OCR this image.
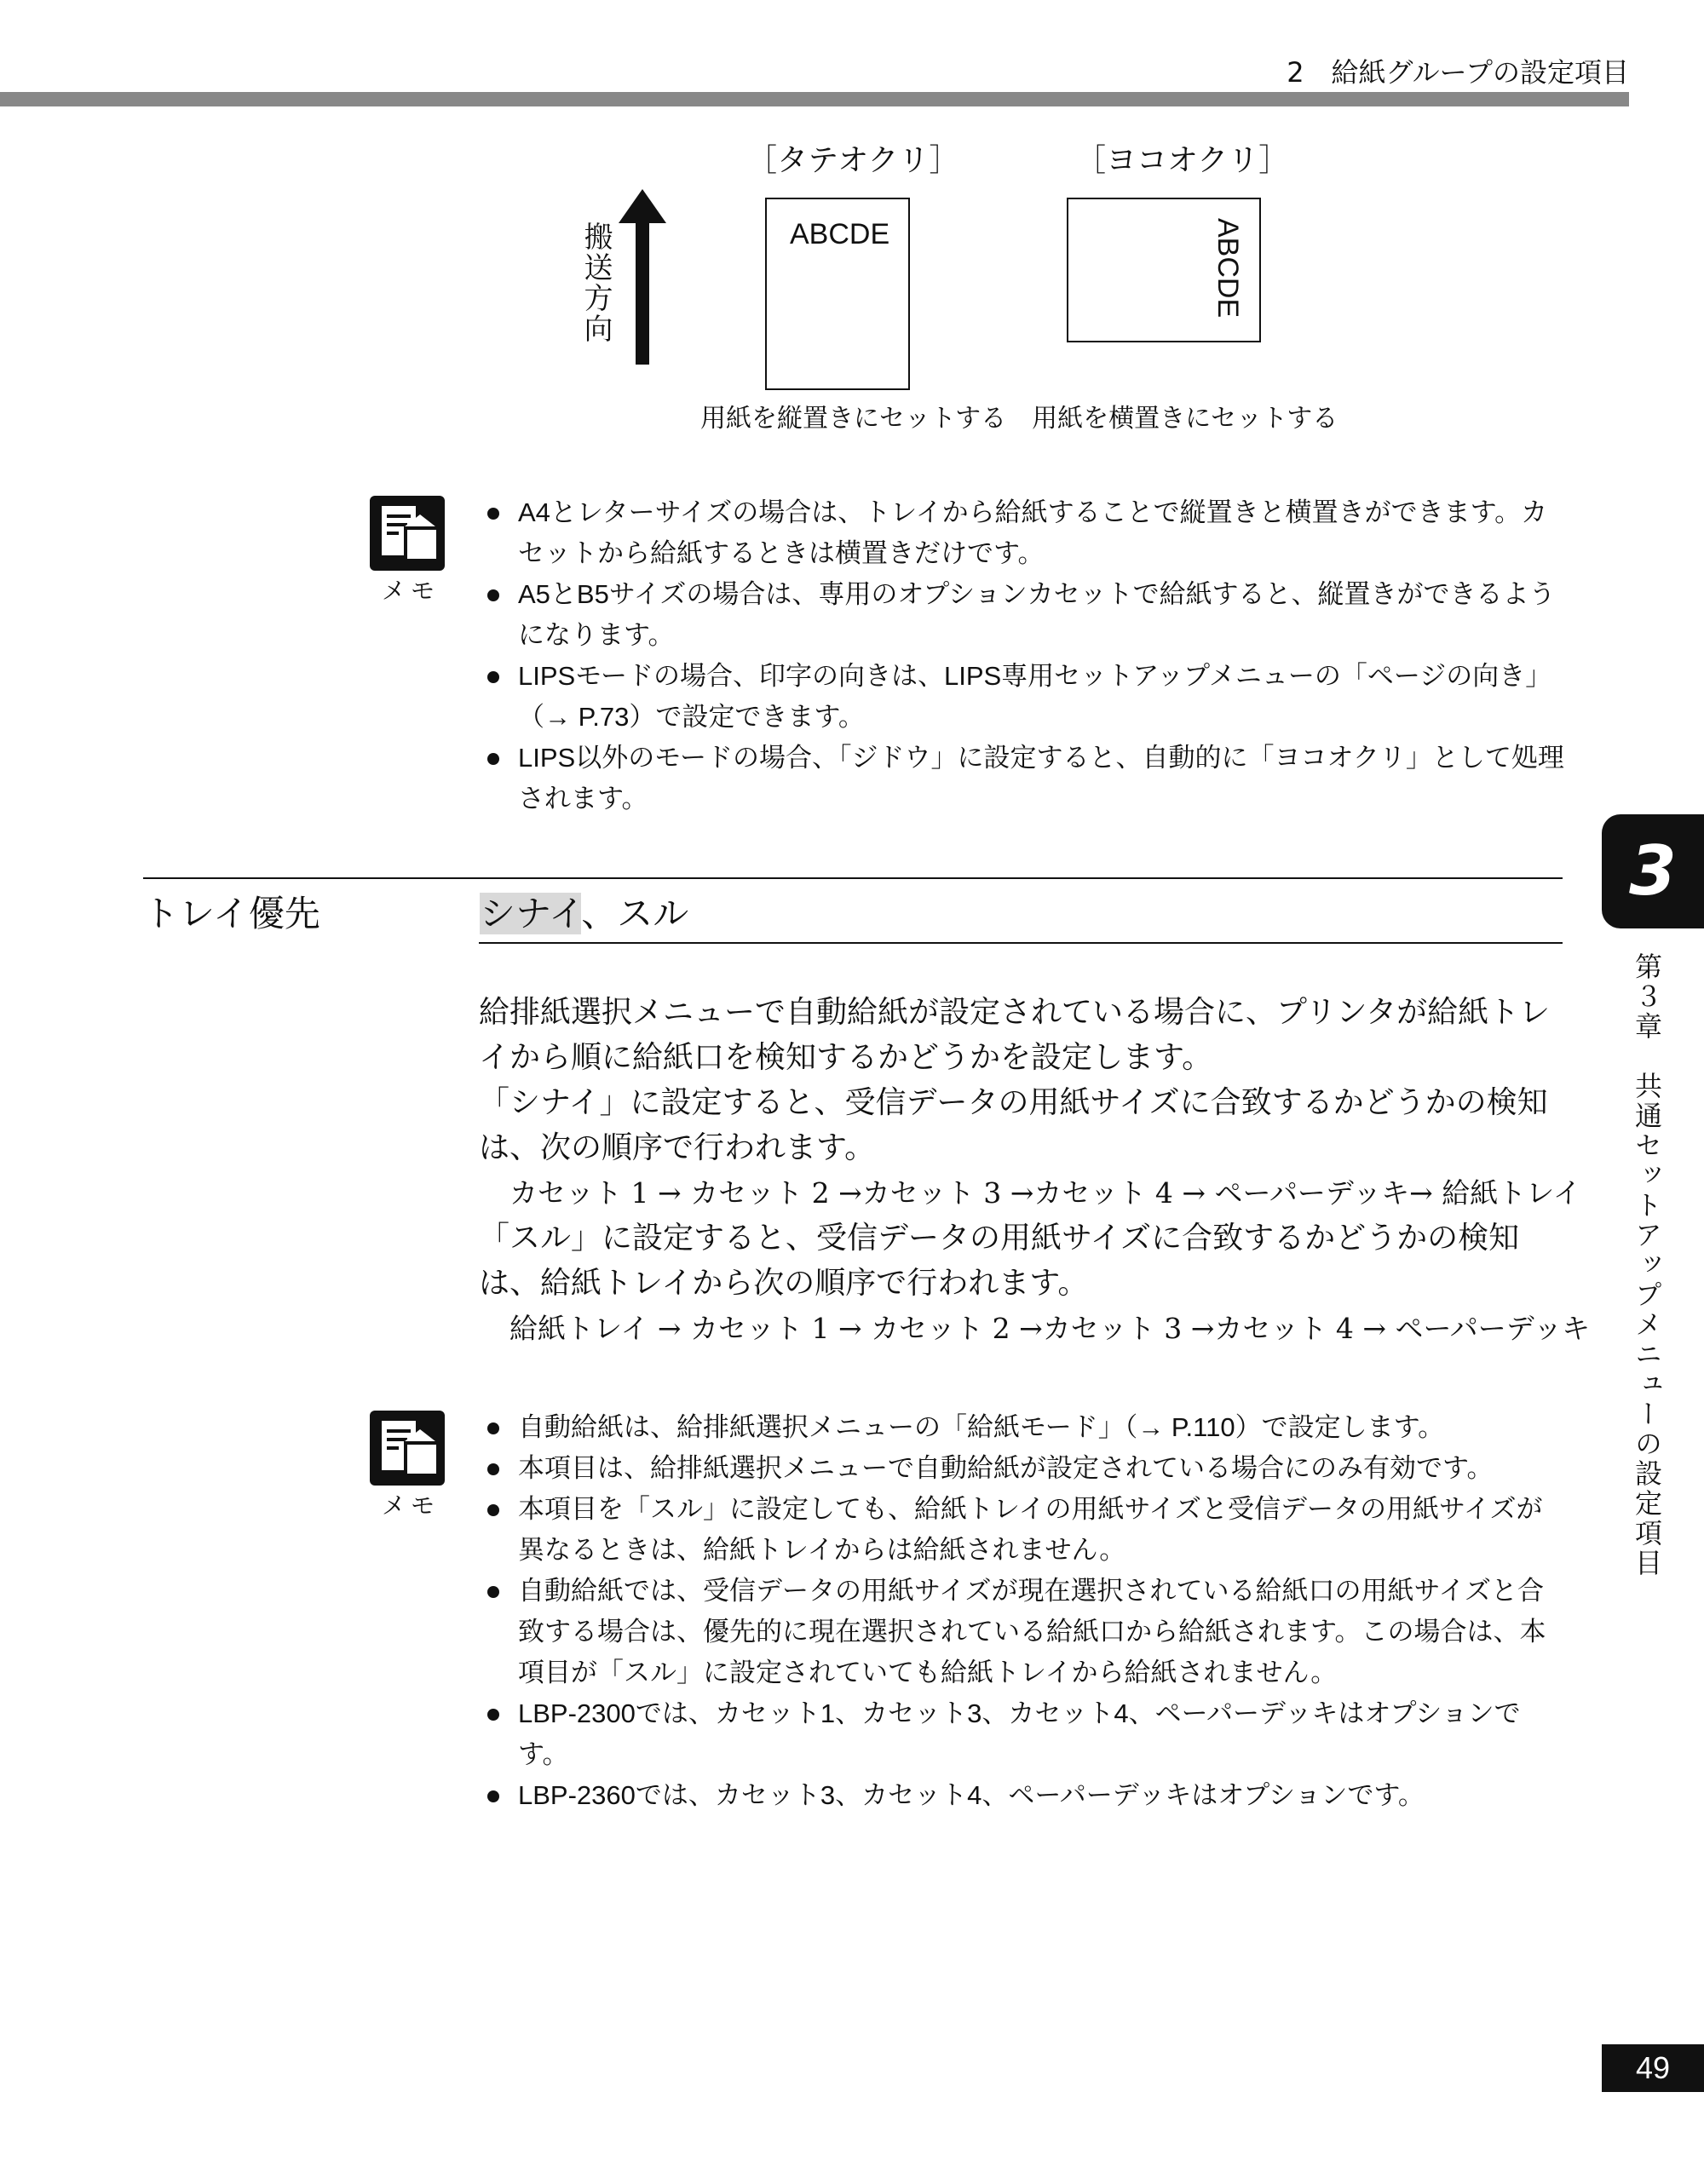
2　給紙グループの設定項目
［タテオクリ］	［ヨコオクリ］
搬送方向	ABCDE	ABCDE
用紙を縦置きにセットする　用紙を横置きにセットする
メモ
A4とレターサイズの場合は、トレイから給紙することで縦置きと横置きができます。カセットから給紙するときは横置きだけです。
A5とB5サイズの場合は、専用のオプションカセットで給紙すると、縦置きができるようになります。
LIPSモードの場合、印字の向きは、LIPS専用セットアップメニューの「ページの向き」（→ P.73）で設定できます。
LIPS以外のモードの場合、「ジドウ」に設定すると、自動的に「ヨコオクリ」として処理されます。
トレイ優先	シナイ、スル

給排紙選択メニューで自動給紙が設定されている場合に、プリンタが給紙トレイから順に給紙口を検知するかどうかを設定します。

「シナイ」に設定すると、受信データの用紙サイズに合致するかどうかの検知は、次の順序で行われます。

カセット 1 → カセット 2 →カセット 3 →カセット 4 → ペーパーデッキ→ 給紙トレイ

「スル」に設定すると、受信データの用紙サイズに合致するかどうかの検知は、給紙トレイから次の順序で行われます。

給紙トレイ → カセット 1 → カセット 2 →カセット 3 →カセット 4 → ペーパーデッキ

メモ
自動給紙は、給排紙選択メニューの「給紙モード」（→ P.110）で設定します。
本項目は、給排紙選択メニューで自動給紙が設定されている場合にのみ有効です。
本項目を「スル」に設定しても、給紙トレイの用紙サイズと受信データの用紙サイズが異なるときは、給紙トレイからは給紙されません。
自動給紙では、受信データの用紙サイズが現在選択されている給紙口の用紙サイズと合致する場合は、優先的に現在選択されている給紙口から給紙されます。この場合は、本項目が「スル」に設定されていても給紙トレイから給紙されません。
LBP-2300では、カセット1、カセット3、カセット4、ペーパーデッキはオプションです。
LBP-2360では、カセット3、カセット4、ペーパーデッキはオプションです。
3
第３章　共通セットアップメニューの設定項目
49
